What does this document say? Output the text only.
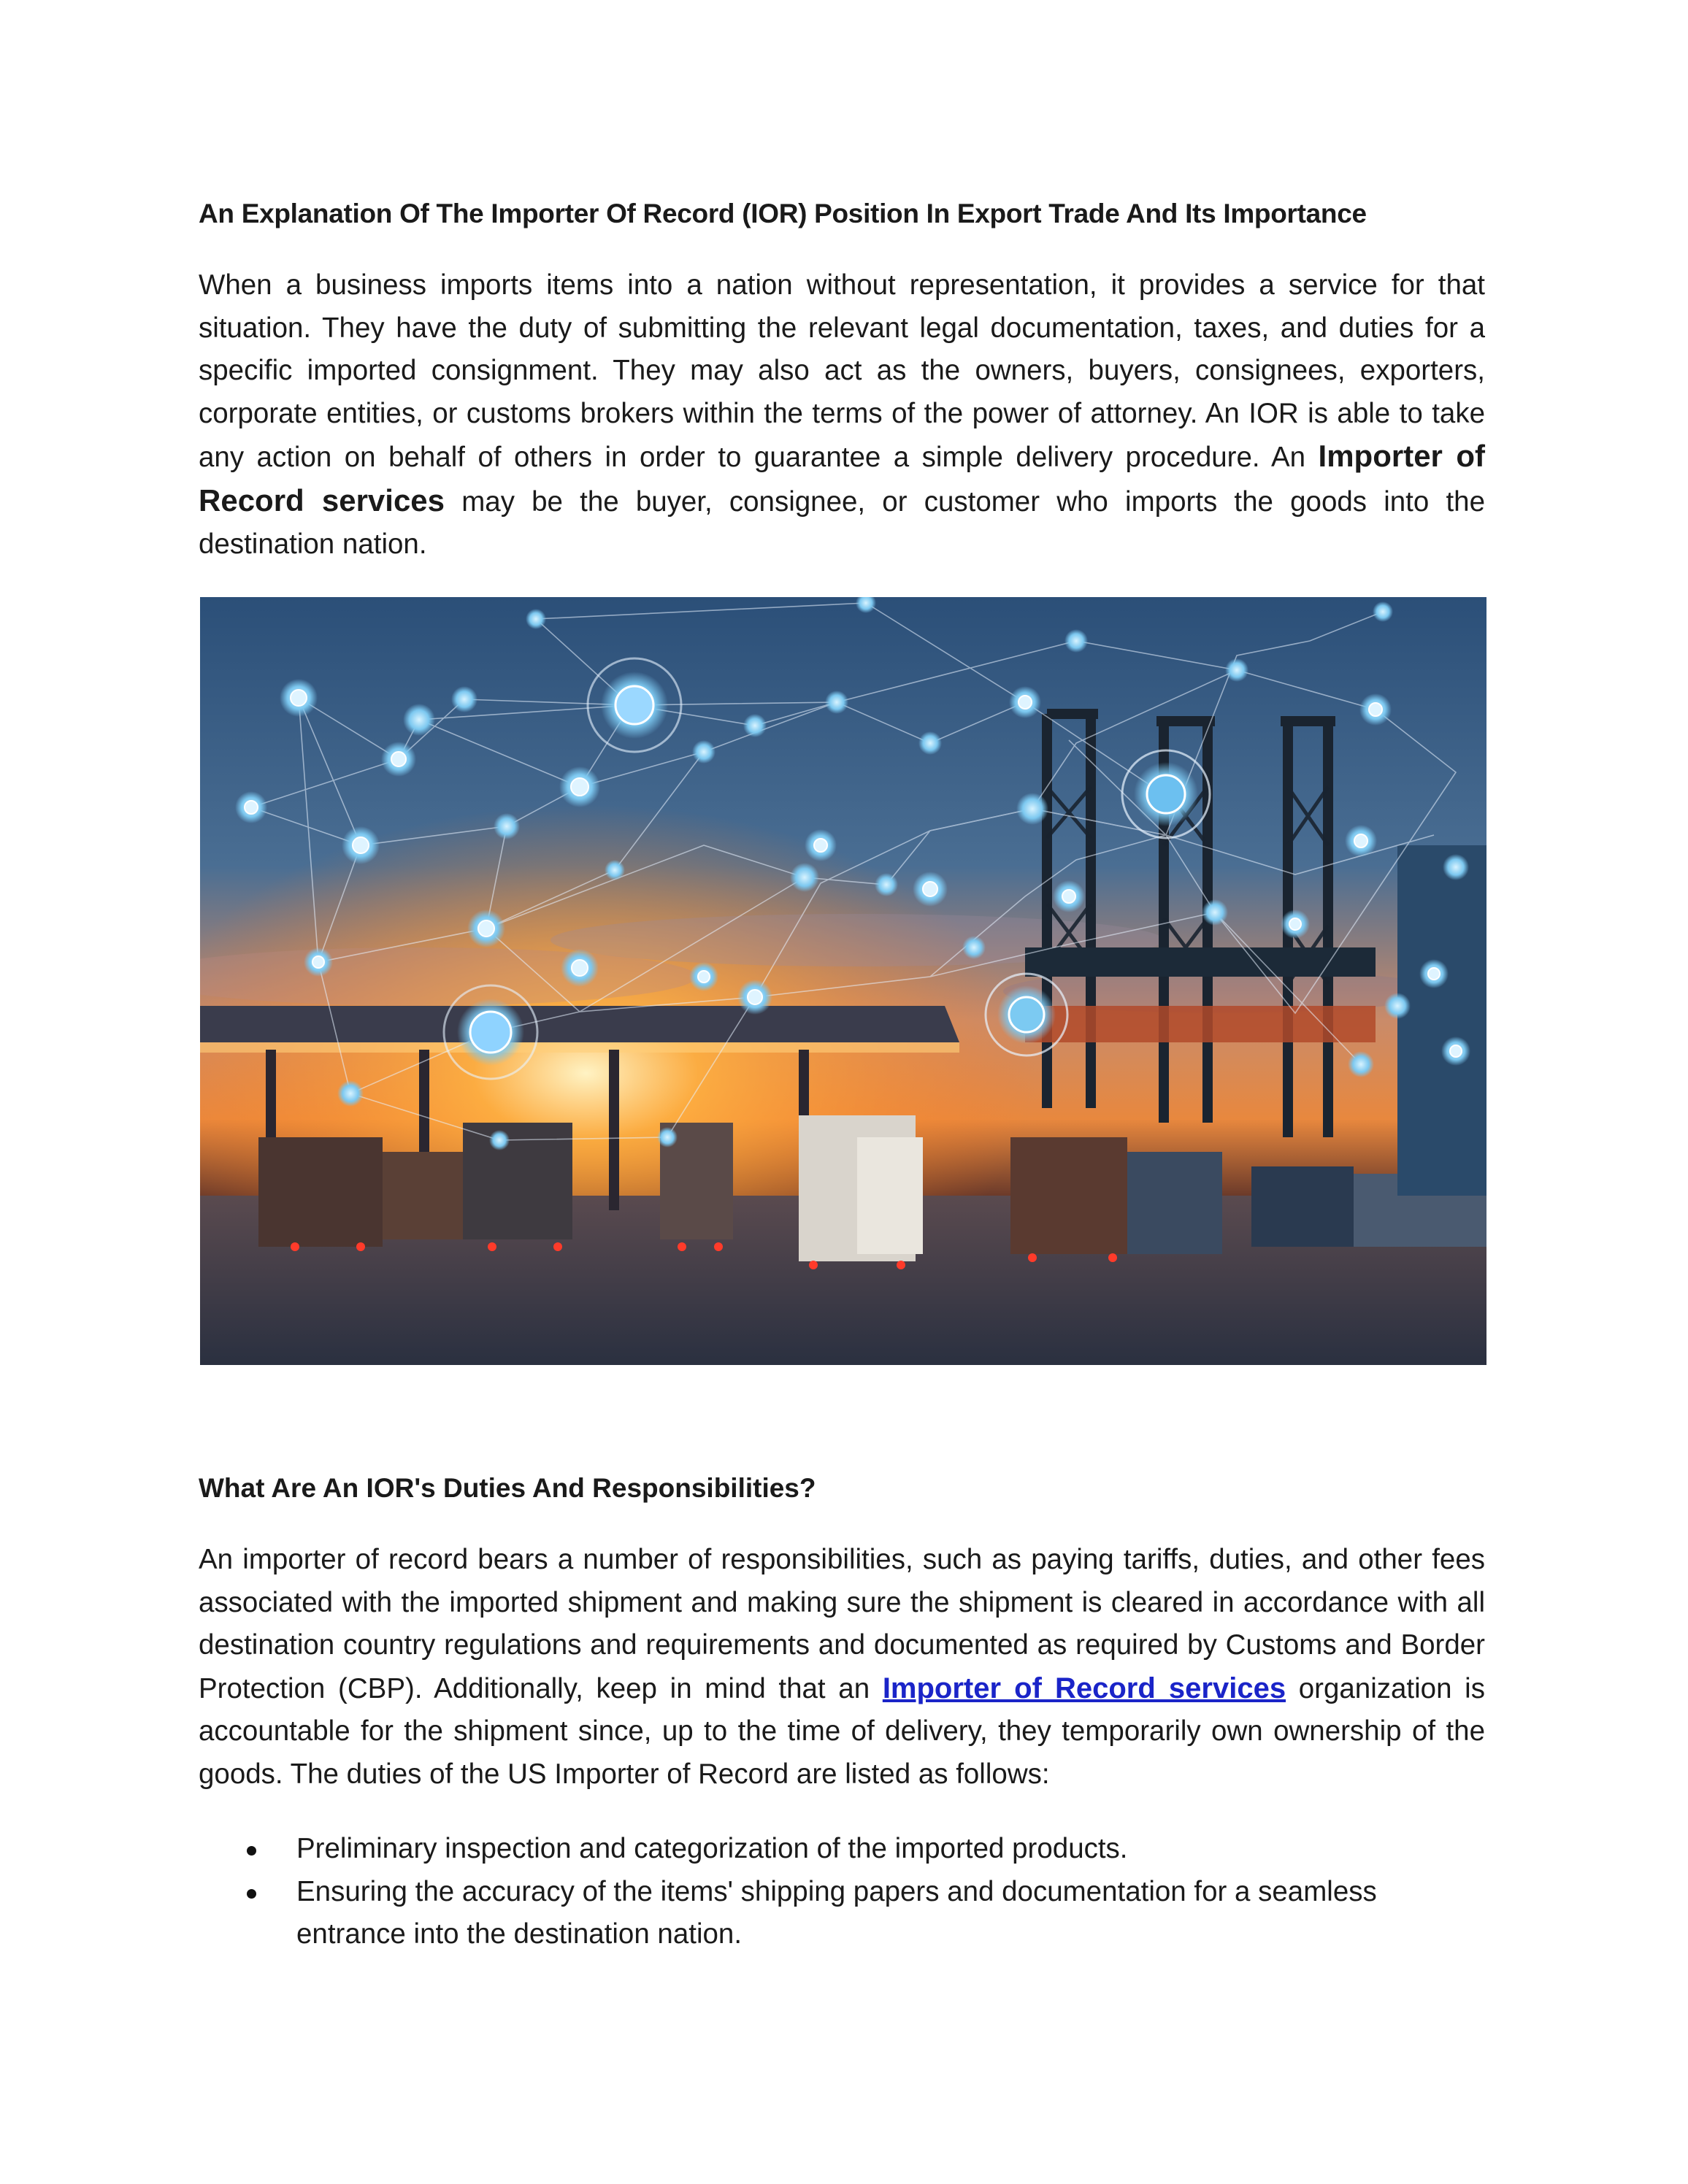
An Explanation Of The Importer Of Record (IOR) Position In Export Trade And Its Importance

When a business imports items into a nation without representation, it provides a service for that situation. They have the duty of submitting the relevant legal documentation, taxes, and duties for a specific imported consignment. They may also act as the owners, buyers, consignees, exporters, corporate entities, or customs brokers within the terms of the power of attorney. An IOR is able to take any action on behalf of others in order to guarantee a simple delivery procedure. An Importer of Record services may be the buyer, consignee, or customer who imports the goods into the destination nation.

What Are An IOR's Duties And Responsibilities?

An importer of record bears a number of responsibilities, such as paying tariffs, duties, and other fees associated with the imported shipment and making sure the shipment is cleared in accordance with all destination country regulations and requirements and documented as required by Customs and Border Protection (CBP). Additionally, keep in mind that an Importer of Record services organization is accountable for the shipment since, up to the time of delivery, they temporarily own ownership of the goods. The duties of the US Importer of Record are listed as follows:

Preliminary inspection and categorization of the imported products.
Ensuring the accuracy of the items' shipping papers and documentation for a seamless entrance into the destination nation.
